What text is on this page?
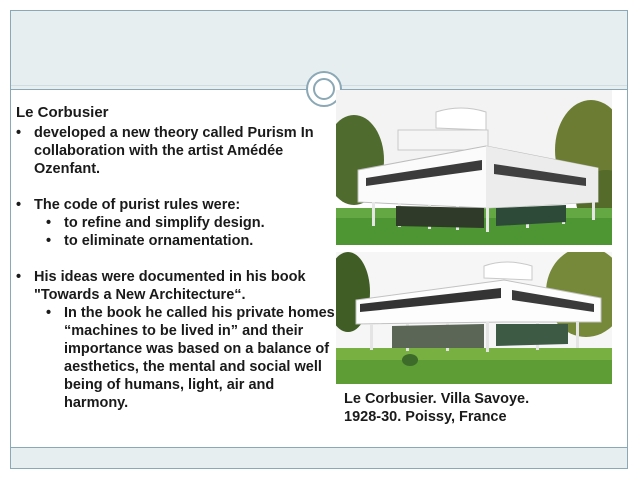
Le Corbusier
• developed a new theory called Purism In collaboration with the artist Amédée Ozenfant.
• The code of purist rules were:
• to refine and simplify design.
• to eliminate ornamentation.
• His ideas were documented in his book "Towards a New Architecture“.
• In the book he called his private homes “machines to be lived in” and their importance was based on a balance of aesthetics, the mental and social well being of humans, light, air and harmony.	Le Corbusier. Villa Savoye.
1928-30. Poissy, France
